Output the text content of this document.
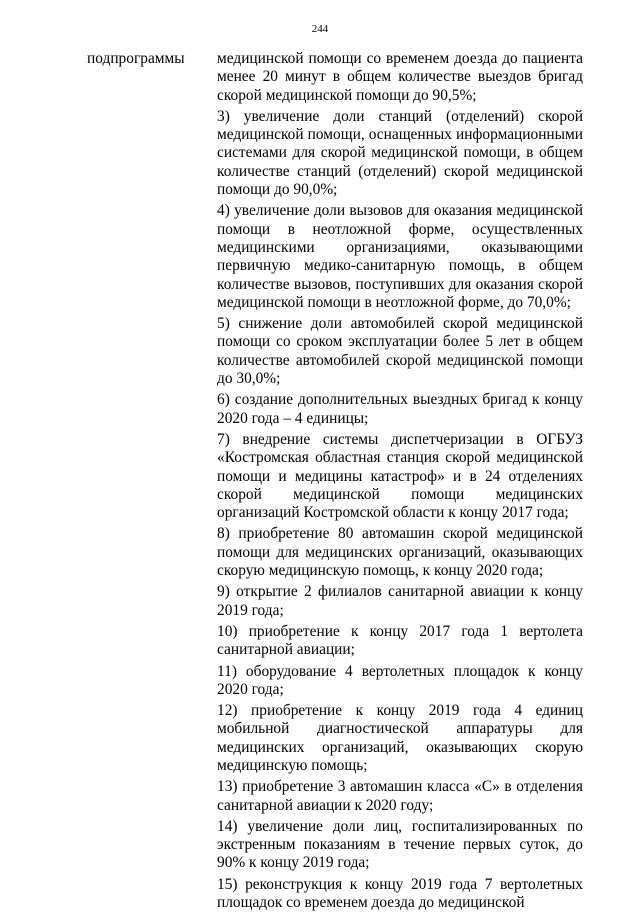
244
подпрограммы медицинской помощи со временем доезда до пациента менее 20 минут в общем количестве выездов бригад скорой медицинской помощи до 90,5%;

3) увеличение доли станций (отделений) скорой медицинской помощи, оснащенных информационными системами для скорой медицинской помощи, в общем количестве станций (отделений) скорой медицинской помощи до 90,0%;

4) увеличение доли вызовов для оказания медицинской помощи в неотложной форме, осуществленных медицинскими организациями, оказывающими первичную медико-санитарную помощь, в общем количестве вызовов, поступивших для оказания скорой медицинской помощи в неотложной форме, до 70,0%;

5) снижение доли автомобилей скорой медицинской помощи со сроком эксплуатации более 5 лет в общем количестве автомобилей скорой медицинской помощи до 30,0%;

6) создание дополнительных выездных бригад к концу 2020 года – 4 единицы;

7) внедрение системы диспетчеризации в ОГБУЗ «Костромская областная станция скорой медицинской помощи и медицины катастроф» и в 24 отделениях скорой медицинской помощи медицинских организаций Костромской области к концу 2017 года;

8) приобретение 80 автомашин скорой медицинской помощи для медицинских организаций, оказывающих скорую медицинскую помощь, к концу 2020 года;

9) открытие 2 филиалов санитарной авиации к концу 2019 года;

10) приобретение к концу 2017 года 1 вертолета санитарной авиации;

11) оборудование 4 вертолетных площадок к концу 2020 года;

12) приобретение к концу 2019 года 4 единиц мобильной диагностической аппаратуры для медицинских организаций, оказывающих скорую медицинскую помощь;

13) приобретение 3 автомашин класса «С» в отделения санитарной авиации к 2020 году;

14) увеличение доли лиц, госпитализированных по экстренным показаниям в течение первых суток, до 90% к концу 2019 года;

15) реконструкция к концу 2019 года 7 вертолетных площадок со временем доезда до медицинской
